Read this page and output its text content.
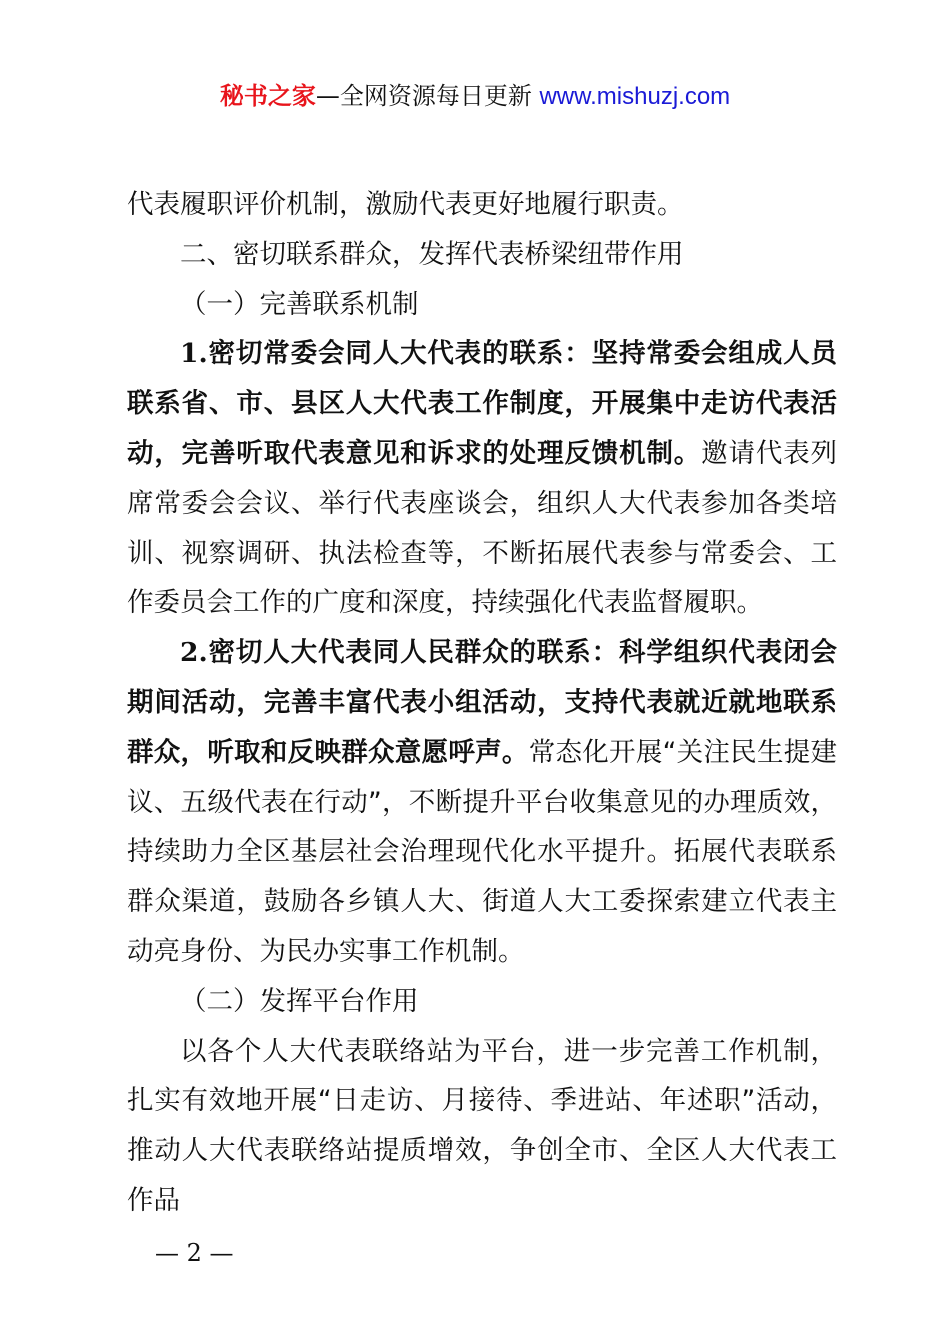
秘书之家—全网资源每日更新 www.mishuzj.com

代表履职评价机制，激励代表更好地履行职责。

二、密切联系群众，发挥代表桥梁纽带作用

（一）完善联系机制

1.密切常委会同人大代表的联系：坚持常委会组成人员联系省、市、县区人大代表工作制度，开展集中走访代表活动，完善听取代表意见和诉求的处理反馈机制。邀请代表列席常委会会议、举行代表座谈会，组织人大代表参加各类培训、视察调研、执法检查等，不断拓展代表参与常委会、工作委员会工作的广度和深度，持续强化代表监督履职。

2.密切人大代表同人民群众的联系：科学组织代表闭会期间活动，完善丰富代表小组活动，支持代表就近就地联系群众，听取和反映群众意愿呼声。常态化开展“关注民生提建议、五级代表在行动”，不断提升平台收集意见的办理质效，持续助力全区基层社会治理现代化水平提升。拓展代表联系群众渠道，鼓励各乡镇人大、街道人大工委探索建立代表主动亮身份、为民办实事工作机制。

（二）发挥平台作用

以各个人大代表联络站为平台，进一步完善工作机制，扎实有效地开展“日走访、月接待、季进站、年述职”活动，推动人大代表联络站提质增效，争创全市、全区人大代表工作品

— 2 —
